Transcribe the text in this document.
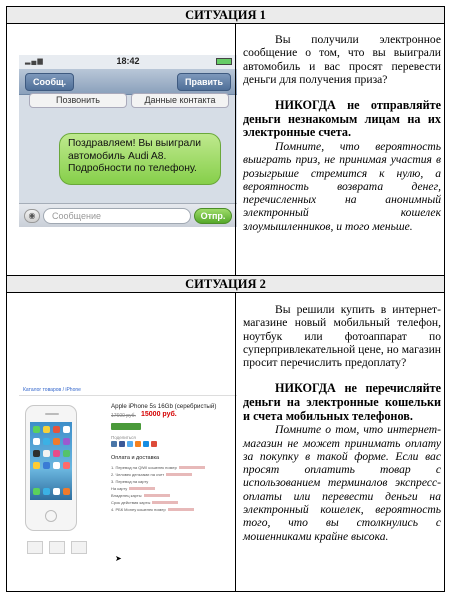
СИТУАЦИЯ 1
▂▄▆	18:42
Сообщ.	Править
Позвонить	Данные контакта
Поздравляем! Вы выиграли автомобиль Audi A8. Подробности по телефону.
◉	Сообщение	Отпр.

Вы получили электронное сообщение о том, что вы выиграли автомобиль и вас просят перевести деньги для получения приза?

НИКОГДА не отправляйте деньги незнакомым лицам на их электронные счета.

Помните, что вероятность выиграть приз, не принимая участия в розыгрыше стремится к нулю, а вероятность возврата денег, перечисленных на анонимный электронный кошелек злоумышленников, и того меньше.

СИТУАЦИЯ 2
Каталог товаров / iPhone
Apple iPhone 5s 16Gb (серебристый)
17600 руб. 15000 руб.
Поделиться
Оплата и доставка
1. Перевод на QIWI кошелек номер
2. Человек деньгами на счет
3. Перевод на карту
На карту
Владелец карты
Срок действия карты
4. РБК Money кошелек номер
➤

Вы решили купить в интернет-магазине новый мобильный телефон, ноутбук или фотоаппарат по суперпривлекательной цене, но магазин просит перечислить предоплату?

НИКОГДА не перечисляйте деньги на электронные кошельки и счета мобильных телефонов.

Помните о том, что интернет-магазин не может принимать оплату за покупку в такой форме. Если вас просят оплатить товар с использованием терминалов экспресс-оплаты или перевести деньги на электронный кошелек, вероятность того, что вы столкнулись с мошенниками крайне высока.
